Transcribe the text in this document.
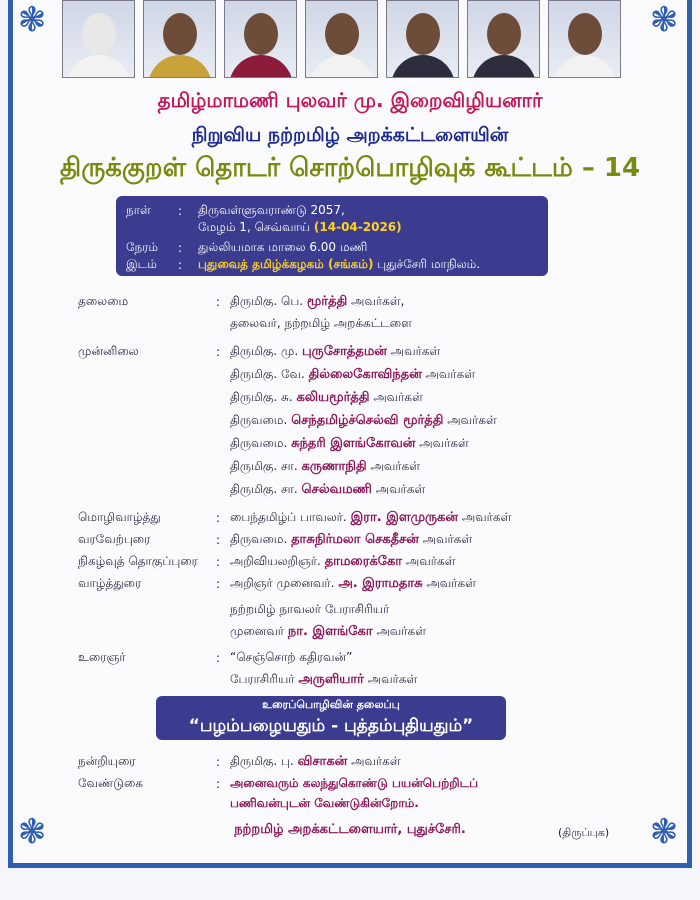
❃	❃
❃	❃
தமிழ்மாமணி புலவர் மு. இறைவிழியனார்
நிறுவிய நற்றமிழ் அறக்கட்டளையின்
திருக்குறள் தொடர் சொற்பொழிவுக் கூட்டம் – 14
நாள்	:	திருவள்ளுவராண்டு 2057,
மேழம் 1, செவ்வாய் (14-04-2026)
நேரம்	:	துல்லியமாக மாலை 6.00 மணி
இடம்	:	புதுவைத் தமிழ்க்கழகம் (சங்கம்) புதுச்சேரி மாநிலம்.
தலைமை	: திருமிகு. பெ. மூர்த்தி அவர்கள்,
தலைவர், நற்றமிழ் அறக்கட்டளை
முன்னிலை	: திருமிகு. மு. புருசோத்தமன் அவர்கள்
திருமிகு. வே. தில்லைகோவிந்தன் அவர்கள்
திருமிகு. சு. கலியமூர்த்தி அவர்கள்
திருவமை. செந்தமிழ்ச்செல்வி மூர்த்தி அவர்கள்
திருவமை. சுந்தரி இளங்கோவன் அவர்கள்
திருமிகு. சா. கருணாநிதி அவர்கள்
திருமிகு. சா. செல்வமணி அவர்கள்
மொழிவாழ்த்து	: பைந்தமிழ்ப் பாவலர். இரா. இளமுருகன் அவர்கள்
வரவேற்புரை	: திருவமை. தாசுநிர்மலா செகதீசன் அவர்கள்
நிகழ்வுத் தொகுப்புரை	: அறிவியலறிஞர். தாமரைக்கோ அவர்கள்
வாழ்த்துரை	: அறிஞர் முனைவர். அ. இராமதாசு அவர்கள்
நற்றமிழ் நாவலர் பேராசிரியர்
முனைவர் நா. இளங்கோ அவர்கள்
உரைஞர்	: “செஞ்சொற் கதிரவன்”
பேராசிரியர் அருளியார் அவர்கள்
நன்றியுரை	: திருமிகு. பு. விசாகன் அவர்கள்
வேண்டுகை	: அனைவரும் கலந்துகொண்டு பயன்பெற்றிடப்
பணிவன்புடன் வேண்டுகின்றோம்.
உரைப்பொழிவின் தலைப்பு
“பழம்பழையதும் - புத்தம்புதியதும்”
நற்றமிழ் அறக்கட்டளையார், புதுச்சேரி.	(திருப்புக)
